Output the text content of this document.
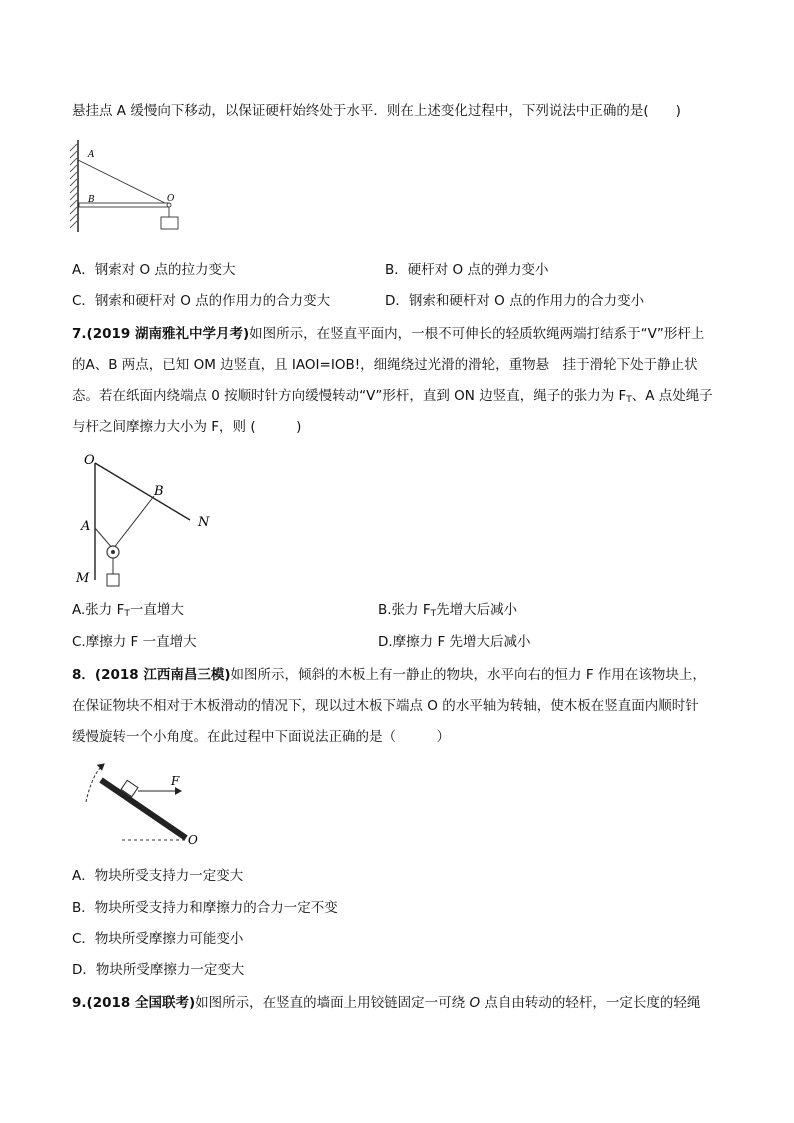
悬挂点 A 缓慢向下移动，以保证硬杆始终处于水平．则在上述变化过程中，下列说法中正确的是(　　)
A
B	O
A．钢索对 O 点的拉力变大	B．硬杆对 O 点的弹力变小
C．钢索和硬杆对 O 点的作用力的合力变大	D．钢索和硬杆对 O 点的作用力的合力变小
7.(2019 湖南雅礼中学月考)如图所示，在竖直平面内，一根不可伸长的轻质软绳两端打结系于“V”形杆上
的A、B 两点，已知 OM 边竖直，且 IAOI=IOB!，细绳绕过光滑的滑轮，重物悬　挂于滑轮下处于静止状
态。若在纸面内绕端点 0 按顺时针方向缓慢转动“V”形杆，直到 ON 边竖直，绳子的张力为 $F_T$、A 点处绳子
与杆之间摩擦力大小为 F，则 (　　　)
O
B
A	N
M
A.张力 $F_T$一直增大	B.张力 $F_T$先增大后减小
C.摩擦力 F 一直增大	D.摩擦力 F 先增大后减小
8．(2018 江西南昌三模)如图所示，倾斜的木板上有一静止的物块，水平向右的恒力 F 作用在该物块上，
在保证物块不相对于木板滑动的情况下，现以过木板下端点 O 的水平轴为转轴，使木板在竖直面内顺时针
缓慢旋转一个小角度。在此过程中下面说法正确的是（　　　）
F
O
A．物块所受支持力一定变大
B．物块所受支持力和摩擦力的合力一定不变
C．物块所受摩擦力可能变小
D．物块所受摩擦力一定变大
9.(2018 全国联考)如图所示，在竖直的墙面上用铰链固定一可绕 O 点自由转动的轻杆，一定长度的轻绳
